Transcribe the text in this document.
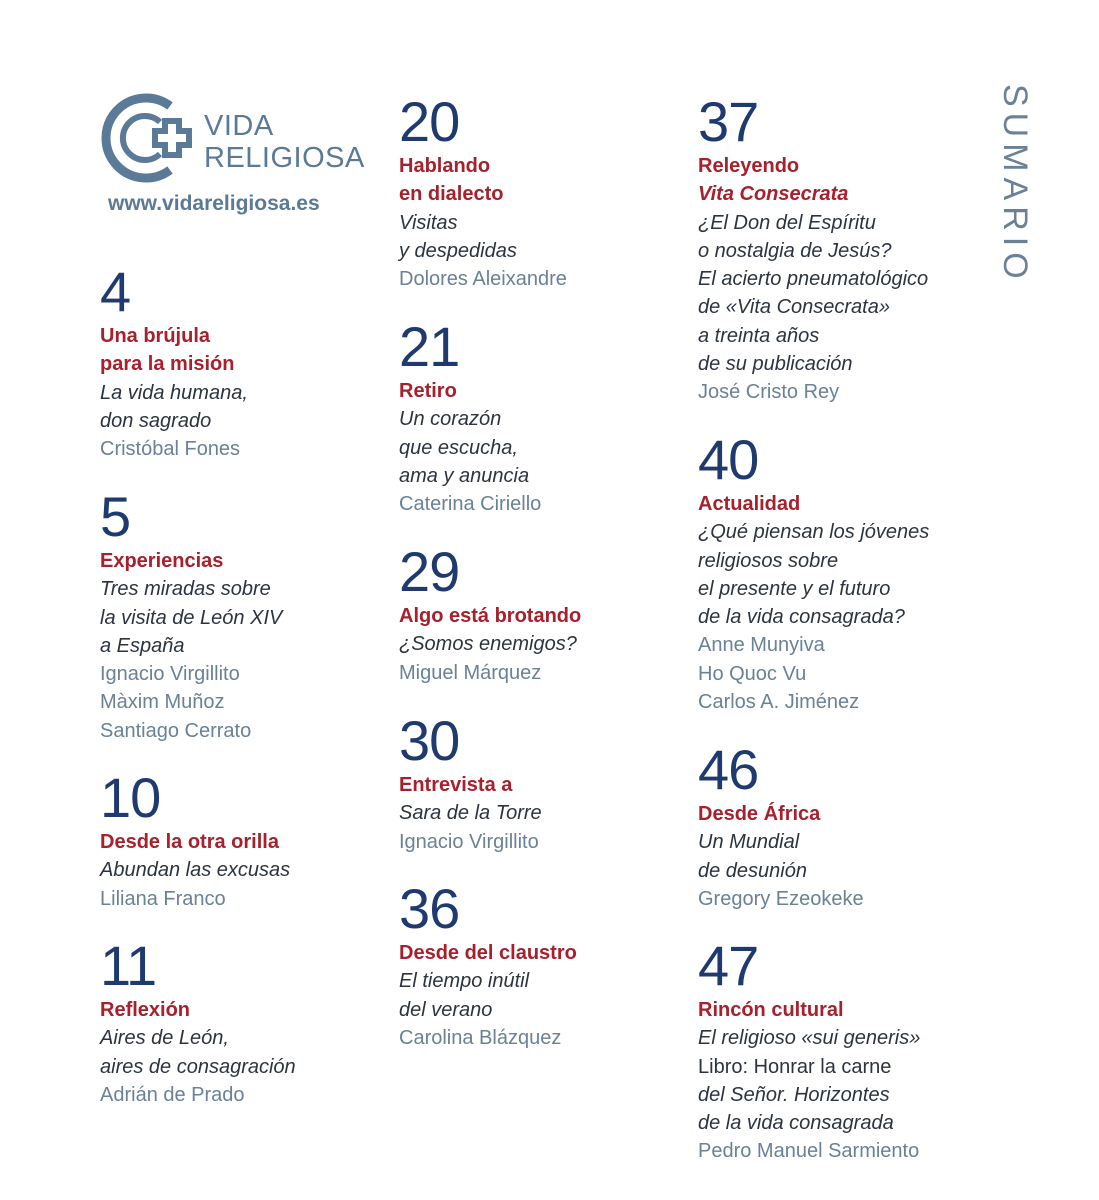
VIDA
RELIGIOSA
www.vidareligiosa.es	SUMARIO
4
Una brújula
para la misión
La vida humana,
don sagrado
Cristóbal Fones
5
Experiencias
Tres miradas sobre
la visita de León XIV
a España
Ignacio Virgillito
Màxim Muñoz
Santiago Cerrato
10
Desde la otra orilla
Abundan las excusas
Liliana Franco
11
Reflexión
Aires de León,
aires de consagración
Adrián de Prado
20
Hablando
en dialecto
Visitas
y despedidas
Dolores Aleixandre
21
Retiro
Un corazón
que escucha,
ama y anuncia
Caterina Ciriello
29
Algo está brotando
¿Somos enemigos?
Miguel Márquez
30
Entrevista a
Sara de la Torre
Ignacio Virgillito
36
Desde del claustro
El tiempo inútil
del verano
Carolina Blázquez
37
Releyendo
Vita Consecrata
¿El Don del Espíritu
o nostalgia de Jesús?
El acierto pneumatológico
de «Vita Consecrata»
a treinta años
de su publicación
José Cristo Rey
40
Actualidad
¿Qué piensan los jóvenes
religiosos sobre
el presente y el futuro
de la vida consagrada?
Anne Munyiva
Ho Quoc Vu
Carlos A. Jiménez
46
Desde África
Un Mundial
de desunión
Gregory Ezeokeke
47
Rincón cultural
El religioso «sui generis»
Libro: Honrar la carne
del Señor. Horizontes
de la vida consagrada
Pedro Manuel Sarmiento
